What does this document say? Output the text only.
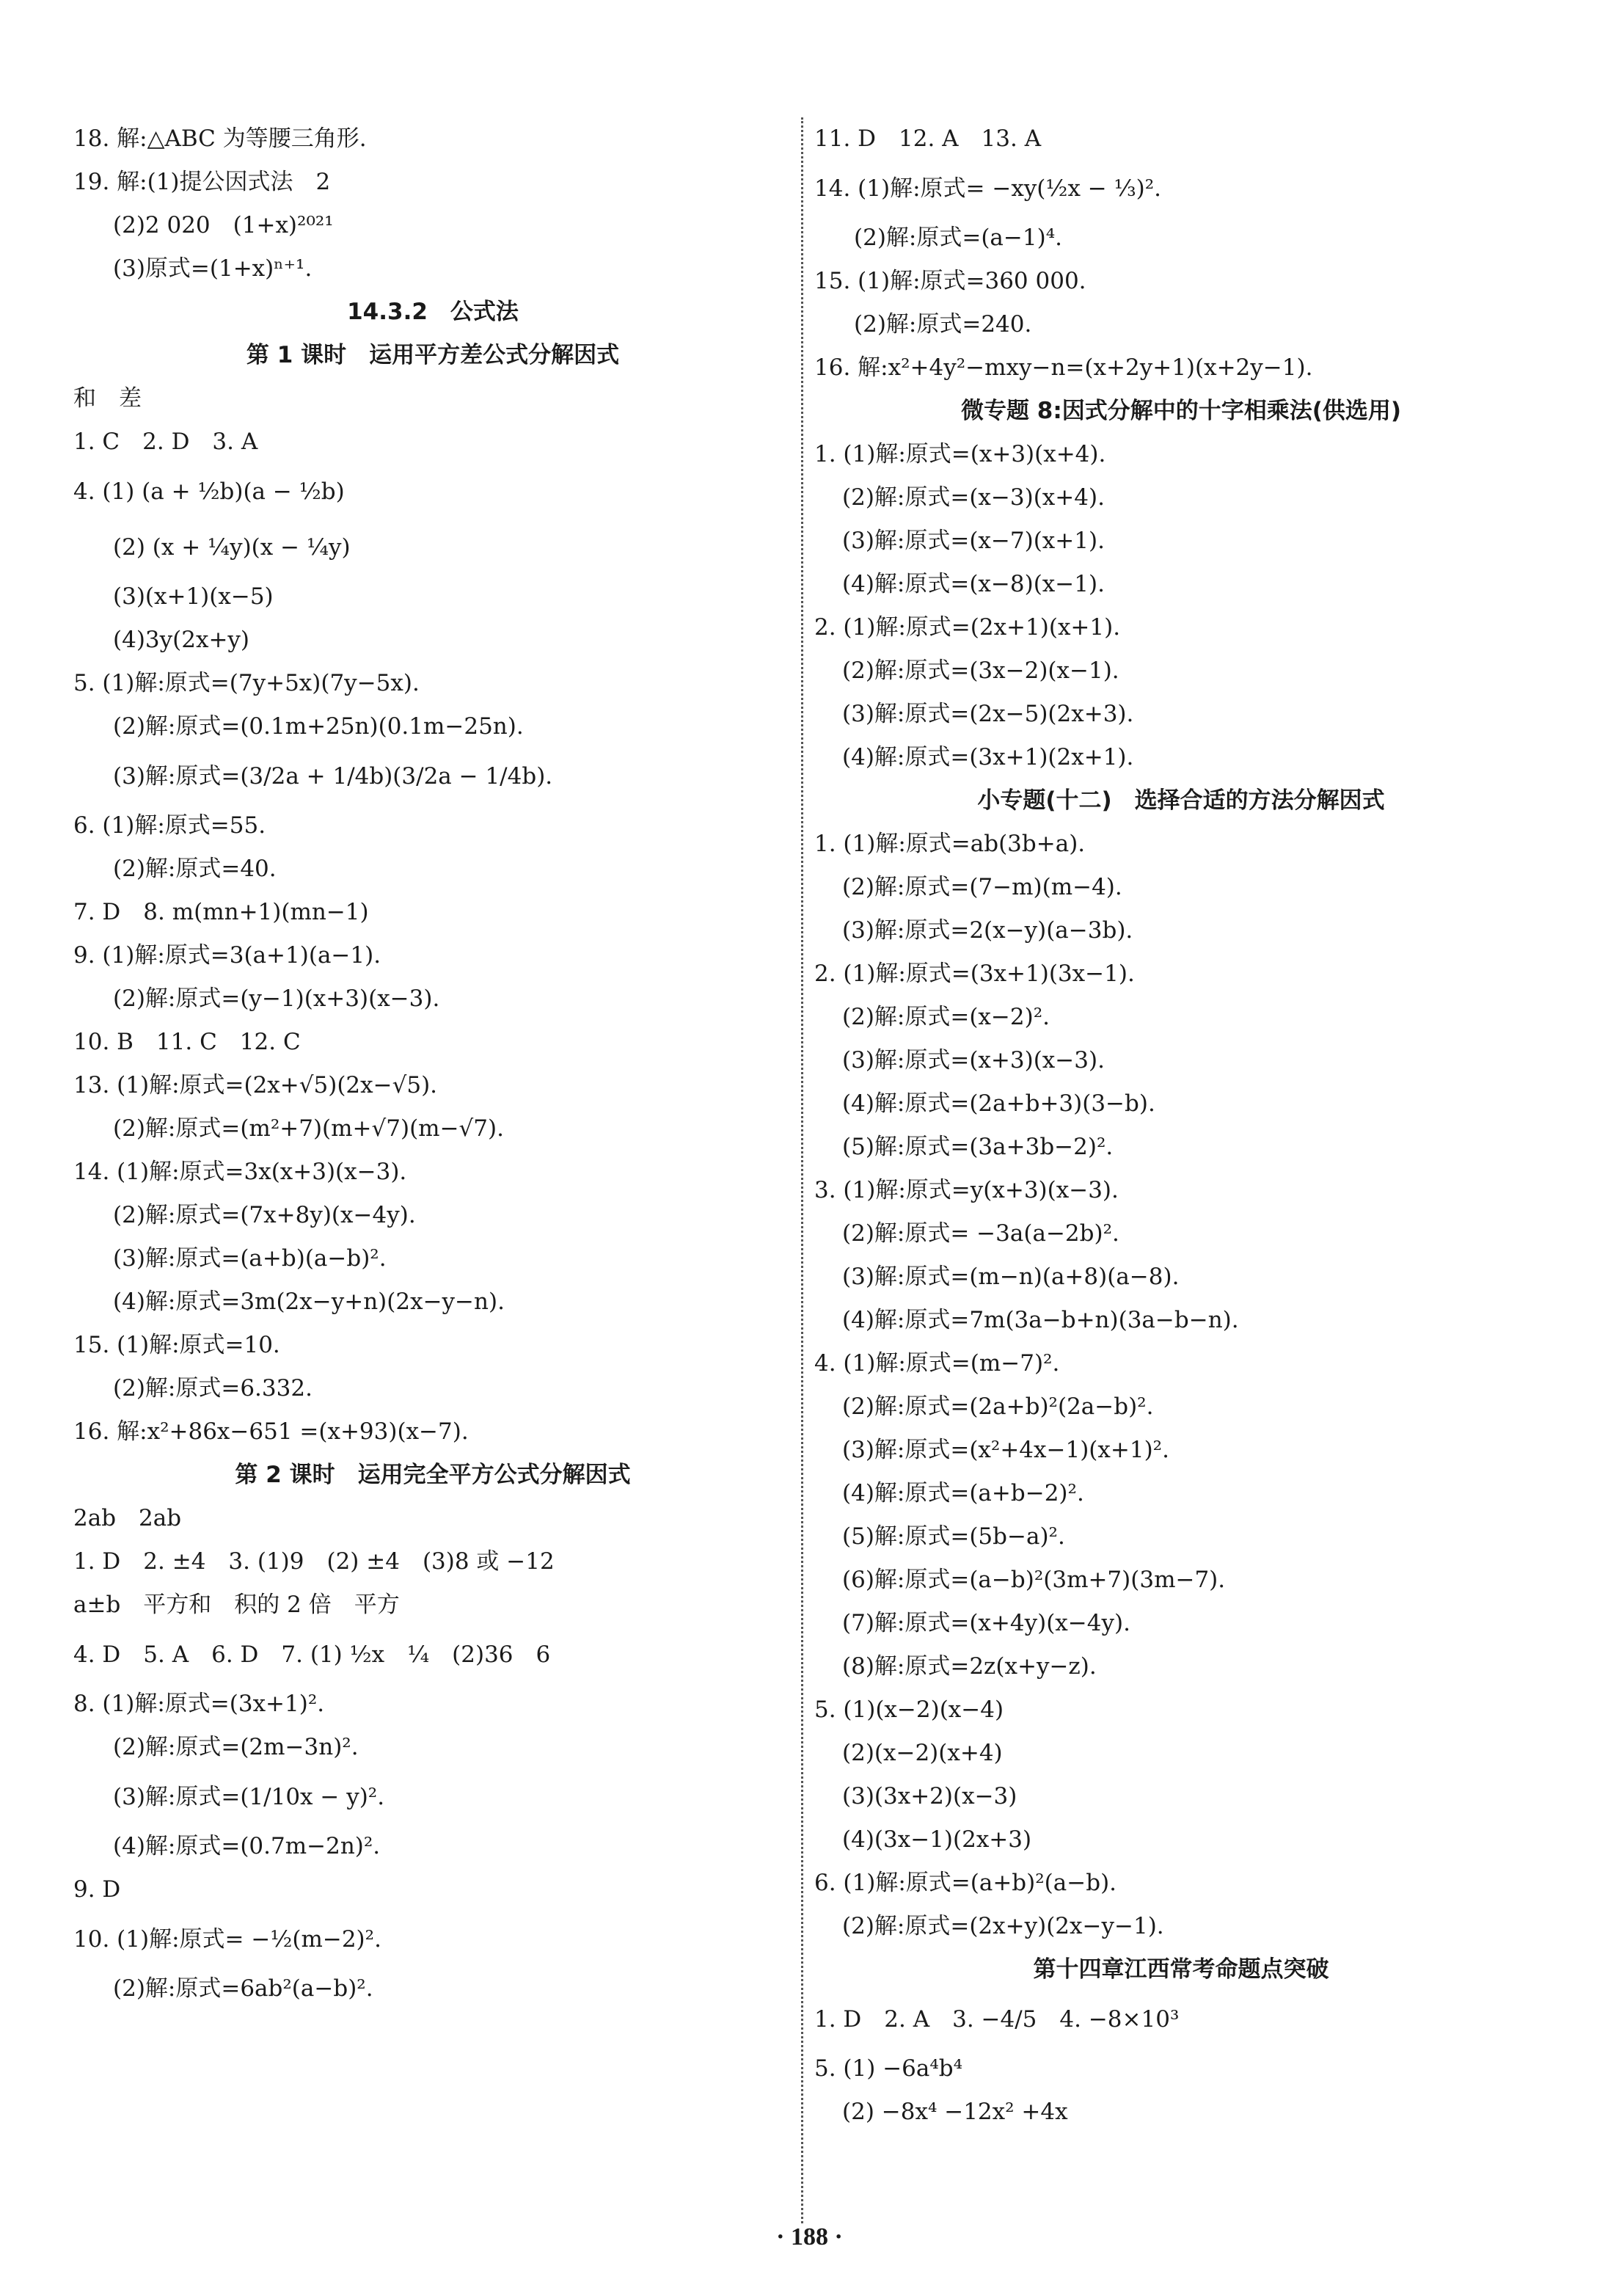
18. 解:△ABC 为等腰三角形.
19. 解:(1)提公因式法　2
(2)2 020　(1+x)²⁰²¹
(3)原式=(1+x)ⁿ⁺¹.
14.3.2　公式法
第 1 课时　运用平方差公式分解因式
和　差
1. C　2. D　3. A
4. (1) (a + ½b)(a − ½b)
(2) (x + ¼y)(x − ¼y)
(3)(x+1)(x−5)
(4)3y(2x+y)
5. (1)解:原式=(7y+5x)(7y−5x).
(2)解:原式=(0.1m+25n)(0.1m−25n).
(3)解:原式=(3/2a + 1/4b)(3/2a − 1/4b).
6. (1)解:原式=55.
(2)解:原式=40.
7. D　8. m(mn+1)(mn−1)
9. (1)解:原式=3(a+1)(a−1).
(2)解:原式=(y−1)(x+3)(x−3).
10. B　11. C　12. C
13. (1)解:原式=(2x+√5)(2x−√5).
(2)解:原式=(m²+7)(m+√7)(m−√7).
14. (1)解:原式=3x(x+3)(x−3).
(2)解:原式=(7x+8y)(x−4y).
(3)解:原式=(a+b)(a−b)².
(4)解:原式=3m(2x−y+n)(2x−y−n).
15. (1)解:原式=10.
(2)解:原式=6.332.
16. 解:x²+86x−651 =(x+93)(x−7).
第 2 课时　运用完全平方公式分解因式
2ab　2ab
1. D　2. ±4　3. (1)9　(2) ±4　(3)8 或 −12
a±b　平方和　积的 2 倍　平方
4. D　5. A　6. D　7. (1) ½x　¼　(2)36　6
8. (1)解:原式=(3x+1)².
(2)解:原式=(2m−3n)².
(3)解:原式=(1/10x − y)².
(4)解:原式=(0.7m−2n)².
9. D
10. (1)解:原式= −½(m−2)².
(2)解:原式=6ab²(a−b)².
11. D　12. A　13. A
14. (1)解:原式= −xy(½x − ⅓)².
(2)解:原式=(a−1)⁴.
15. (1)解:原式=360 000.
(2)解:原式=240.
16. 解:x²+4y²−mxy−n=(x+2y+1)(x+2y−1).
微专题 8:因式分解中的十字相乘法(供选用)
1. (1)解:原式=(x+3)(x+4).
(2)解:原式=(x−3)(x+4).
(3)解:原式=(x−7)(x+1).
(4)解:原式=(x−8)(x−1).
2. (1)解:原式=(2x+1)(x+1).
(2)解:原式=(3x−2)(x−1).
(3)解:原式=(2x−5)(2x+3).
(4)解:原式=(3x+1)(2x+1).
小专题(十二)　选择合适的方法分解因式
1. (1)解:原式=ab(3b+a).
(2)解:原式=(7−m)(m−4).
(3)解:原式=2(x−y)(a−3b).
2. (1)解:原式=(3x+1)(3x−1).
(2)解:原式=(x−2)².
(3)解:原式=(x+3)(x−3).
(4)解:原式=(2a+b+3)(3−b).
(5)解:原式=(3a+3b−2)².
3. (1)解:原式=y(x+3)(x−3).
(2)解:原式= −3a(a−2b)².
(3)解:原式=(m−n)(a+8)(a−8).
(4)解:原式=7m(3a−b+n)(3a−b−n).
4. (1)解:原式=(m−7)².
(2)解:原式=(2a+b)²(2a−b)².
(3)解:原式=(x²+4x−1)(x+1)².
(4)解:原式=(a+b−2)².
(5)解:原式=(5b−a)².
(6)解:原式=(a−b)²(3m+7)(3m−7).
(7)解:原式=(x+4y)(x−4y).
(8)解:原式=2z(x+y−z).
5. (1)(x−2)(x−4)
(2)(x−2)(x+4)
(3)(3x+2)(x−3)
(4)(3x−1)(2x+3)
6. (1)解:原式=(a+b)²(a−b).
(2)解:原式=(2x+y)(2x−y−1).
第十四章江西常考命题点突破
1. D　2. A　3. −4/5　4. −8×10³
5. (1) −6a⁴b⁴
(2) −8x⁴ −12x² +4x
· 188 ·
